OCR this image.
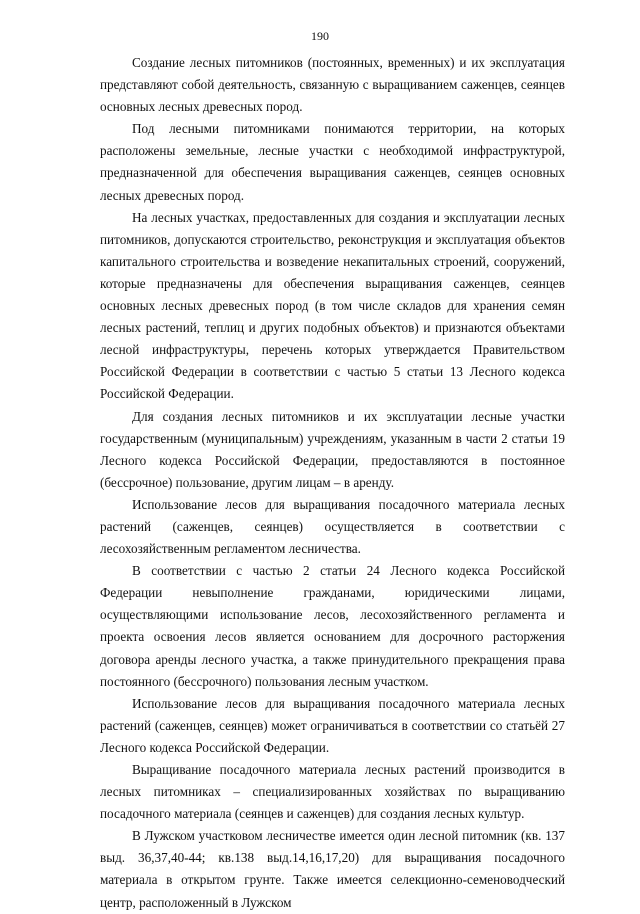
190

Создание лесных питомников (постоянных, временных) и их эксплуатация представляют собой деятельность, связанную с выращиванием саженцев, сеянцев основных лесных древесных пород.

Под лесными питомниками понимаются территории, на которых расположены земельные, лесные участки с необходимой инфраструктурой, предназначенной для обеспечения выращивания саженцев, сеянцев основных лесных древесных пород.

На лесных участках, предоставленных для создания и эксплуатации лесных питомников, допускаются строительство, реконструкция и эксплуатация объектов капитального строительства и возведение некапитальных строений, сооружений, которые предназначены для обеспечения выращивания саженцев, сеянцев основных лесных древесных пород (в том числе складов для хранения семян лесных растений, теплиц и других подобных объектов) и признаются объектами лесной инфраструктуры, перечень которых утверждается Правительством Российской Федерации в соответствии с частью 5 статьи 13 Лесного кодекса Российской Федерации.

Для создания лесных питомников и их эксплуатации лесные участки государственным (муниципальным) учреждениям, указанным в части 2 статьи 19 Лесного кодекса Российской Федерации, предоставляются в постоянное (бессрочное) пользование, другим лицам – в аренду.

Использование лесов для выращивания посадочного материала лесных растений (саженцев, сеянцев) осуществляется в соответствии с лесохозяйственным регламентом лесничества.

В соответствии с частью 2 статьи 24 Лесного кодекса Российской Федерации невыполнение гражданами, юридическими лицами, осуществляющими использование лесов, лесохозяйственного регламента и проекта освоения лесов является основанием для досрочного расторжения договора аренды лесного участка, а также принудительного прекращения права постоянного (бессрочного) пользования лесным участком.

Использование лесов для выращивания посадочного материала лесных растений (саженцев, сеянцев) может ограничиваться в соответствии со статьёй 27 Лесного кодекса Российской Федерации.

Выращивание посадочного материала лесных растений производится в лесных питомниках – специализированных хозяйствах по выращиванию посадочного материала (сеянцев и саженцев) для создания лесных культур.

В Лужском участковом лесничестве имеется один лесной питомник (кв. 137 выд. 36,37,40-44; кв.138 выд.14,16,17,20) для выращивания посадочного материала в открытом грунте. Также имеется селекционно-семеноводческий центр, расположенный в Лужском
